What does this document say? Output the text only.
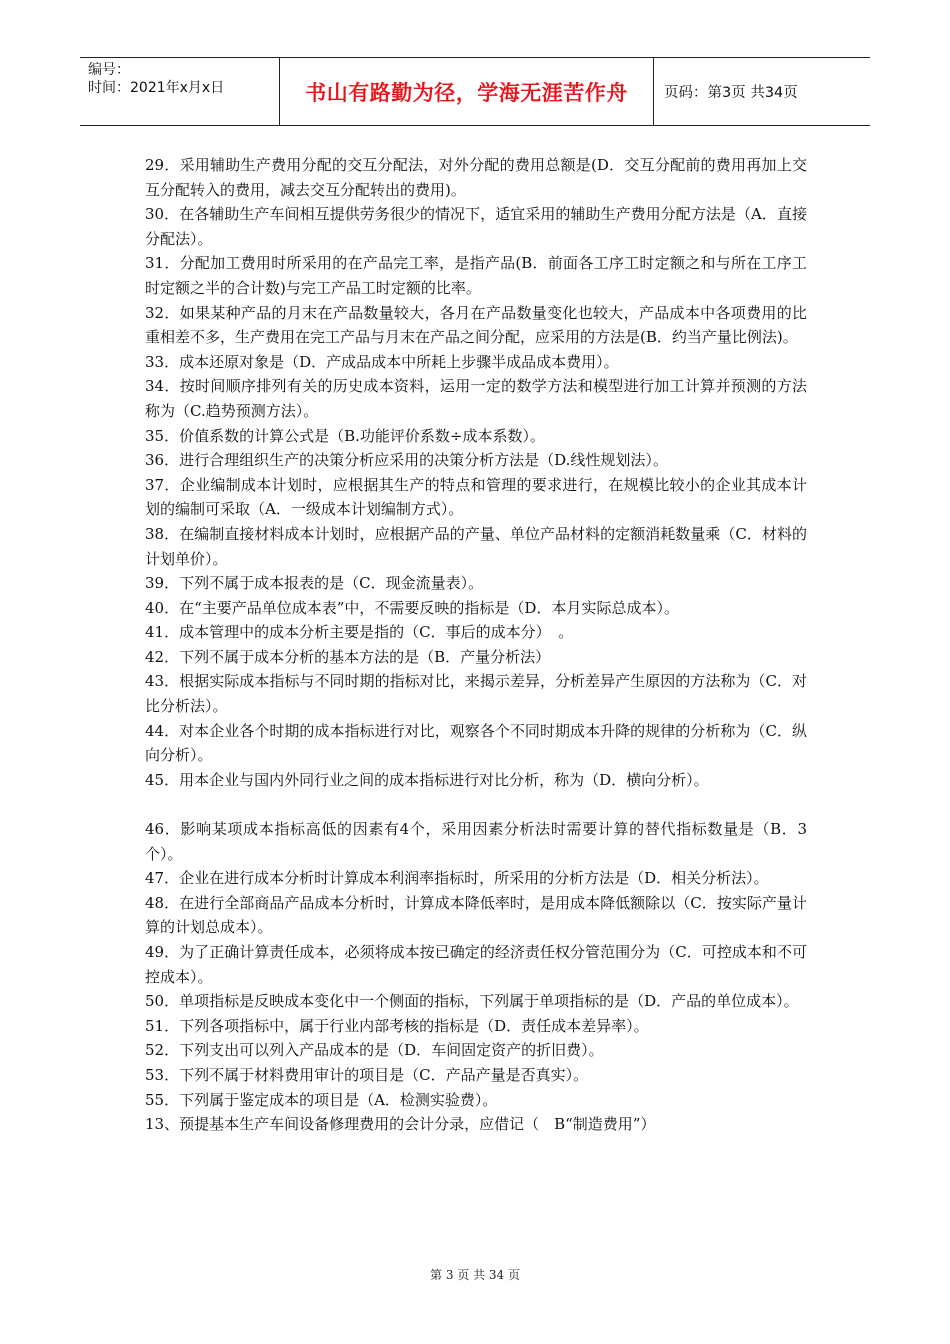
编号：
时间：2021年x月x日	书山有路勤为径，学海无涯苦作舟	页码：第3页 共34页

29．采用辅助生产费用分配的交互分配法，对外分配的费用总额是(D．交互分配前的费用再加上交互分配转入的费用，减去交互分配转出的费用)。

30．在各辅助生产车间相互提供劳务很少的情况下，适宜采用的辅助生产费用分配方法是（A．直接分配法）。

31．分配加工费用时所采用的在产品完工率，是指产品(B．前面各工序工时定额之和与所在工序工时定额之半的合计数)与完工产品工时定额的比率。

32．如果某种产品的月末在产品数量较大，各月在产品数量变化也较大，产品成本中各项费用的比重相差不多，生产费用在完工产品与月末在产品之间分配，应采用的方法是(B．约当产量比例法)。

33．成本还原对象是（D．产成品成本中所耗上步骤半成品成本费用）。

34．按时间顺序排列有关的历史成本资料，运用一定的数学方法和模型进行加工计算并预测的方法称为（C.趋势预测方法）。

35．价值系数的计算公式是（B.功能评价系数÷成本系数）。

36．进行合理组织生产的决策分析应采用的决策分析方法是（D.线性规划法）。

37．企业编制成本计划时，应根据其生产的特点和管理的要求进行，在规模比较小的企业其成本计划的编制可采取（A．一级成本计划编制方式）。

38．在编制直接材料成本计划时，应根据产品的产量、单位产品材料的定额消耗数量乘（C．材料的计划单价）。

39．下列不属于成本报表的是（C．现金流量表）。

40．在“主要产品单位成本表”中，不需要反映的指标是（D．本月实际总成本）。

41．成本管理中的成本分析主要是指的（C．事后的成本分）　。

42．下列不属于成本分析的基本方法的是（B．产量分析法）

43．根据实际成本指标与不同时期的指标对比，来揭示差异，分析差异产生原因的方法称为（C．对比分析法）。

44．对本企业各个时期的成本指标进行对比，观察各个不同时期成本升降的规律的分析称为（C．纵向分析）。

45．用本企业与国内外同行业之间的成本指标进行对比分析，称为（D．横向分析）。

46．影响某项成本指标高低的因素有4个，采用因素分析法时需要计算的替代指标数量是（B．3个）。

47．企业在进行成本分析时计算成本利润率指标时，所采用的分析方法是（D．相关分析法）。

48．在进行全部商品产品成本分析时，计算成本降低率时，是用成本降低额除以（C．按实际产量计算的计划总成本）。

49．为了正确计算责任成本，必须将成本按已确定的经济责任权分管范围分为（C．可控成本和不可控成本）。

50．单项指标是反映成本变化中一个侧面的指标，下列属于单项指标的是（D．产品的单位成本）。

51．下列各项指标中，属于行业内部考核的指标是（D．责任成本差异率）。

52．下列支出可以列入产品成本的是（D．车间固定资产的折旧费）。

53．下列不属于材料费用审计的项目是（C．产品产量是否真实）。

55．下列属于鉴定成本的项目是（A．检测实验费）。

13、预提基本生产车间设备修理费用的会计分录，应借记（　B“制造费用”）

第 3 页 共 34 页
